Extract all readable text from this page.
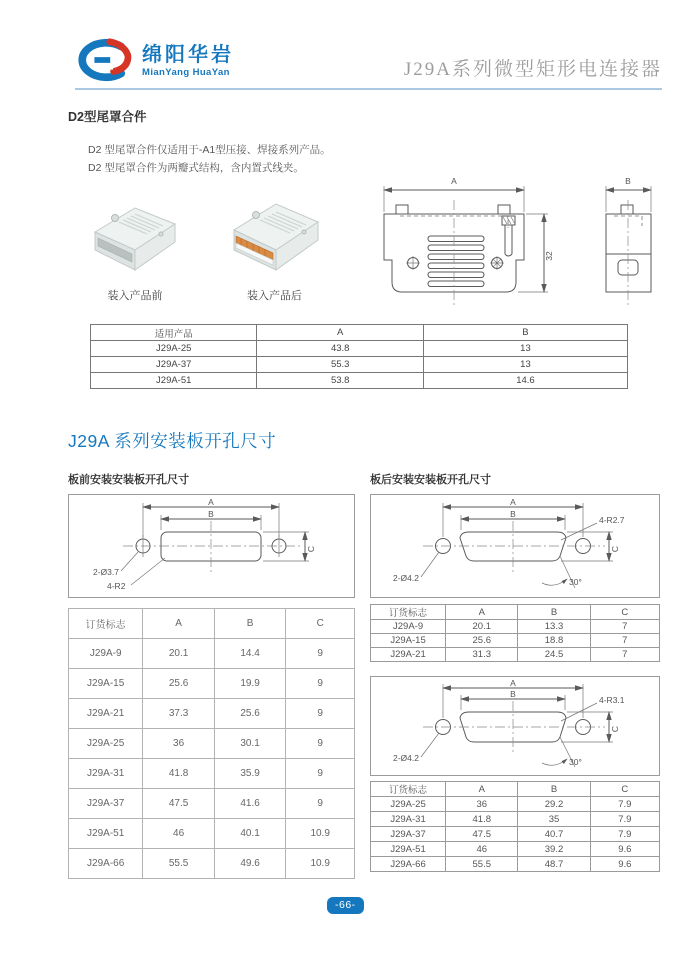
绵阳华岩
MianYang HuaYan	J29A系列微型矩形电连接器
D2型尾罩合件
D2 型尾罩合件仅适用于-A1型压接、焊接系列产品。
D2 型尾罩合件为两瓣式结构，含内置式线夹。
装入产品前	装入产品后
A
32
B
适用产品	A	B
J29A-25	43.8	13
J29A-37	55.3	13
J29A-51	53.8	14.6
J29A 系列安装板开孔尺寸
板前安装安装板开孔尺寸	板后安装安装板开孔尺寸
A
B
C
2-Ø3.7
4-R2
订货标志	A	B	C
J29A-9	20.1	14.4	9
J29A-15	25.6	19.9	9
J29A-21	37.3	25.6	9
J29A-25	36	30.1	9
J29A-31	41.8	35.9	9
J29A-37	47.5	41.6	9
J29A-51	46	40.1	10.9
J29A-66	55.5	49.6	10.9
A
B
C
4-R2.7
2-Ø4.2	30°
订货标志	A	B	C
J29A-9	20.1	13.3	7
J29A-15	25.6	18.8	7
J29A-21	31.3	24.5	7
A
B
C
4-R3.1
2-Ø4.2	30°
订货标志	A	B	C
J29A-25	36	29.2	7.9
J29A-31	41.8	35	7.9
J29A-37	47.5	40.7	7.9
J29A-51	46	39.2	9.6
J29A-66	55.5	48.7	9.6
-66-
